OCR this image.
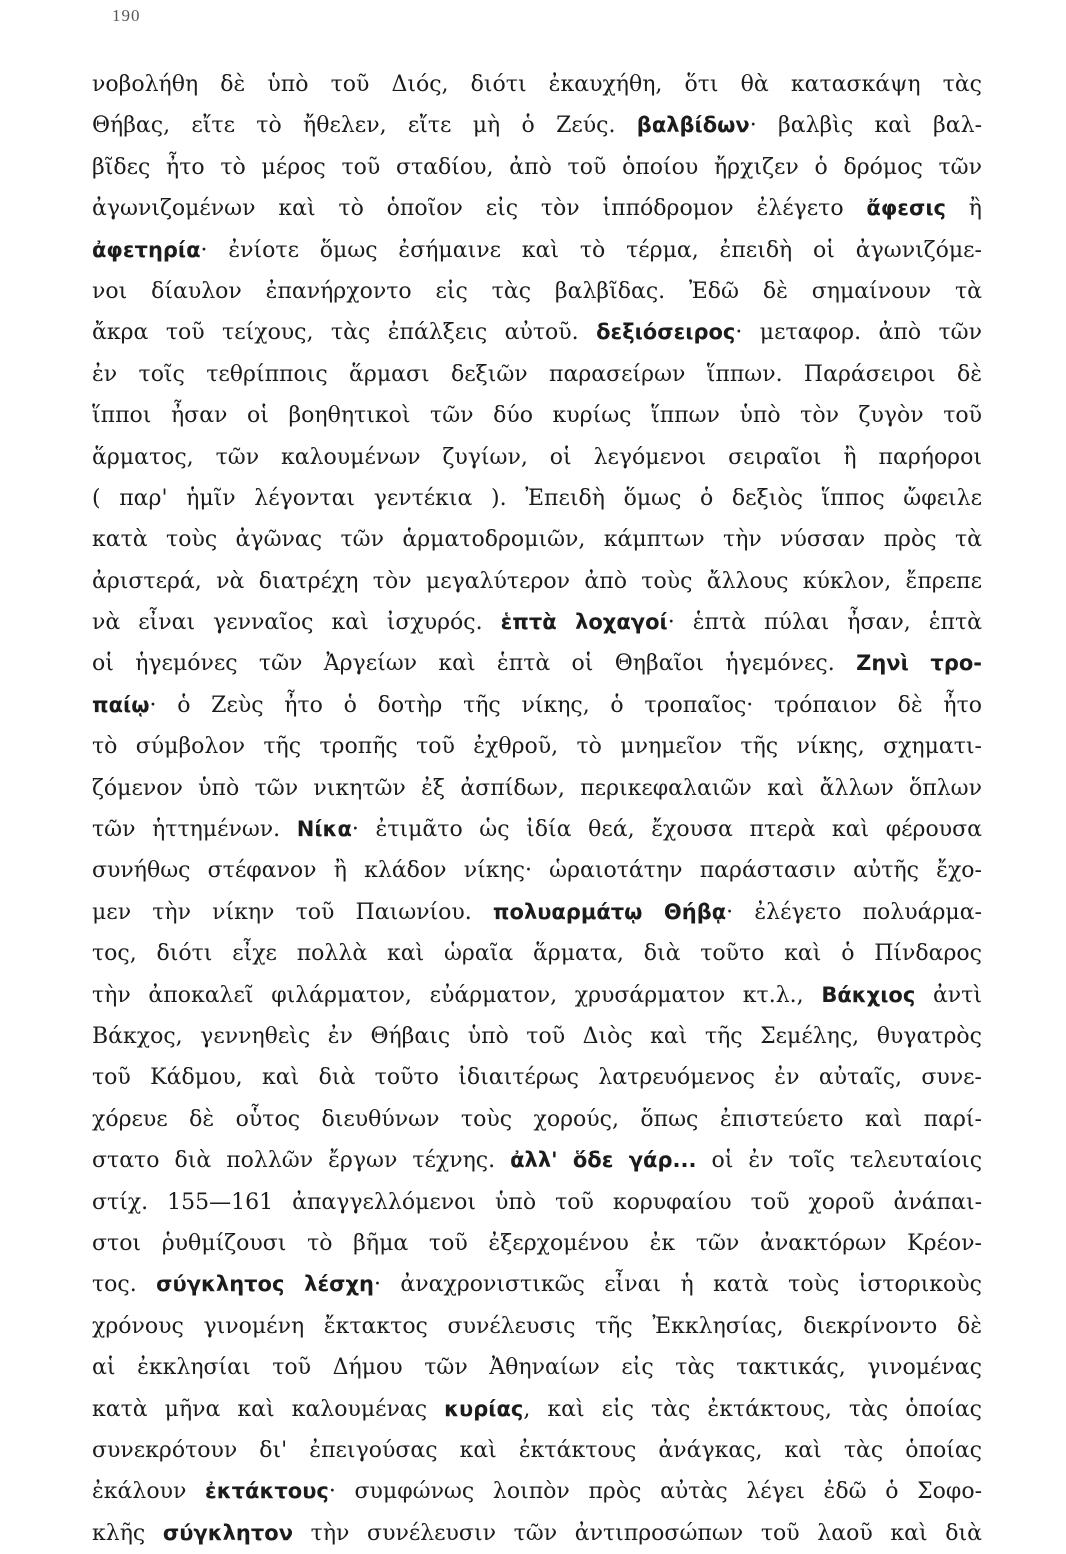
190
νοβολήθη δὲ ὑπὸ τοῦ Διός, διότι ἐκαυχήθη, ὅτι θὰ κατασκάψη τὰς
Θήβας, εἴτε τὸ ἤθελεν, εἴτε μὴ ὁ Ζεύς. βαλβίδων· βαλβὶς καὶ βαλ-
βῖδες ἦτο τὸ μέρος τοῦ σταδίου, ἀπὸ τοῦ ὁποίου ἤρχιζεν ὁ δρόμος τῶν
ἀγωνιζομένων καὶ τὸ ὁποῖον εἰς τὸν ἱππόδρομον ἐλέγετο ἄφεσις ἢ
ἀφετηρία· ἐνίοτε ὅμως ἐσήμαινε καὶ τὸ τέρμα, ἐπειδὴ οἱ ἀγωνιζόμε-
νοι δίαυλον ἐπανήρχοντο εἰς τὰς βαλβῖδας. Ἐδῶ δὲ σημαίνουν τὰ
ἄκρα τοῦ τείχους, τὰς ἐπάλξεις αὐτοῦ. δεξιόσειρος· μεταφορ. ἀπὸ τῶν
ἐν τοῖς τεθρίπποις ἅρμασι δεξιῶν παρασείρων ἵππων. Παράσειροι δὲ
ἵπποι ἦσαν οἱ βοηθητικοὶ τῶν δύο κυρίως ἵππων ὑπὸ τὸν ζυγὸν τοῦ
ἅρματος, τῶν καλουμένων ζυγίων, οἱ λεγόμενοι σειραῖοι ἢ παρήοροι
( παρ' ἡμῖν λέγονται γεντέκια ). Ἐπειδὴ ὅμως ὁ δεξιὸς ἵππος ὤφειλε
κατὰ τοὺς ἀγῶνας τῶν ἁρματοδρομιῶν, κάμπτων τὴν νύσσαν πρὸς τὰ
ἀριστερά, νὰ διατρέχη τὸν μεγαλύτερον ἀπὸ τοὺς ἄλλους κύκλον, ἔπρεπε
νὰ εἶναι γενναῖος καὶ ἰσχυρός. ἑπτὰ λοχαγοί· ἑπτὰ πύλαι ἦσαν, ἑπτὰ
οἱ ἡγεμόνες τῶν Ἀργείων καὶ ἑπτὰ οἱ Θηβαῖοι ἡγεμόνες. Ζηνὶ τρο-
παίῳ· ὁ Ζεὺς ἦτο ὁ δοτὴρ τῆς νίκης, ὁ τροπαῖος· τρόπαιον δὲ ἦτο
τὸ σύμβολον τῆς τροπῆς τοῦ ἐχθροῦ, τὸ μνημεῖον τῆς νίκης, σχηματι-
ζόμενον ὑπὸ τῶν νικητῶν ἐξ ἀσπίδων, περικεφαλαιῶν καὶ ἄλλων ὅπλων
τῶν ἡττημένων. Νίκα· ἐτιμᾶτο ὡς ἰδία θεά, ἔχουσα πτερὰ καὶ φέρουσα
συνήθως στέφανον ἢ κλάδον νίκης· ὡραιοτάτην παράστασιν αὐτῆς ἔχο-
μεν τὴν νίκην τοῦ Παιωνίου. πολυαρμάτῳ Θήβᾳ· ἐλέγετο πολυάρμα-
τος, διότι εἶχε πολλὰ καὶ ὡραῖα ἅρματα, διὰ τοῦτο καὶ ὁ Πίνδαρος
τὴν ἀποκαλεῖ φιλάρματον, εὐάρματον, χρυσάρματον κτ.λ., Βάκχιος ἀντὶ
Βάκχος, γεννηθεὶς ἐν Θήβαις ὑπὸ τοῦ Διὸς καὶ τῆς Σεμέλης, θυγατρὸς
τοῦ Κάδμου, καὶ διὰ τοῦτο ἰδιαιτέρως λατρευόμενος ἐν αὐταῖς, συνε-
χόρευε δὲ οὗτος διευθύνων τοὺς χορούς, ὅπως ἐπιστεύετο καὶ παρί-
στατο διὰ πολλῶν ἔργων τέχνης. ἀλλ' ὅδε γάρ... οἱ ἐν τοῖς τελευταίοις
στίχ. 155—161 ἀπαγγελλόμενοι ὑπὸ τοῦ κορυφαίου τοῦ χοροῦ ἀνάπαι-
στοι ῥυθμίζουσι τὸ βῆμα τοῦ ἐξερχομένου ἐκ τῶν ἀνακτόρων Κρέον-
τος. σύγκλητος λέσχη· ἀναχρονιστικῶς εἶναι ἡ κατὰ τοὺς ἱστορικοὺς
χρόνους γινομένη ἔκτακτος συνέλευσις τῆς Ἐκκλησίας, διεκρίνοντο δὲ
αἱ ἐκκλησίαι τοῦ Δήμου τῶν Ἀθηναίων εἰς τὰς τακτικάς, γινομένας
κατὰ μῆνα καὶ καλουμένας κυρίας, καὶ εἰς τὰς ἐκτάκτους, τὰς ὁποίας
συνεκρότουν δι' ἐπειγούσας καὶ ἐκτάκτους ἀνάγκας, καὶ τὰς ὁποίας
ἐκάλουν ἐκτάκτους· συμφώνως λοιπὸν πρὸς αὐτὰς λέγει ἐδῶ ὁ Σοφο-
κλῆς σύγκλητον τὴν συνέλευσιν τῶν ἀντιπροσώπων τοῦ λαοῦ καὶ διὰ
